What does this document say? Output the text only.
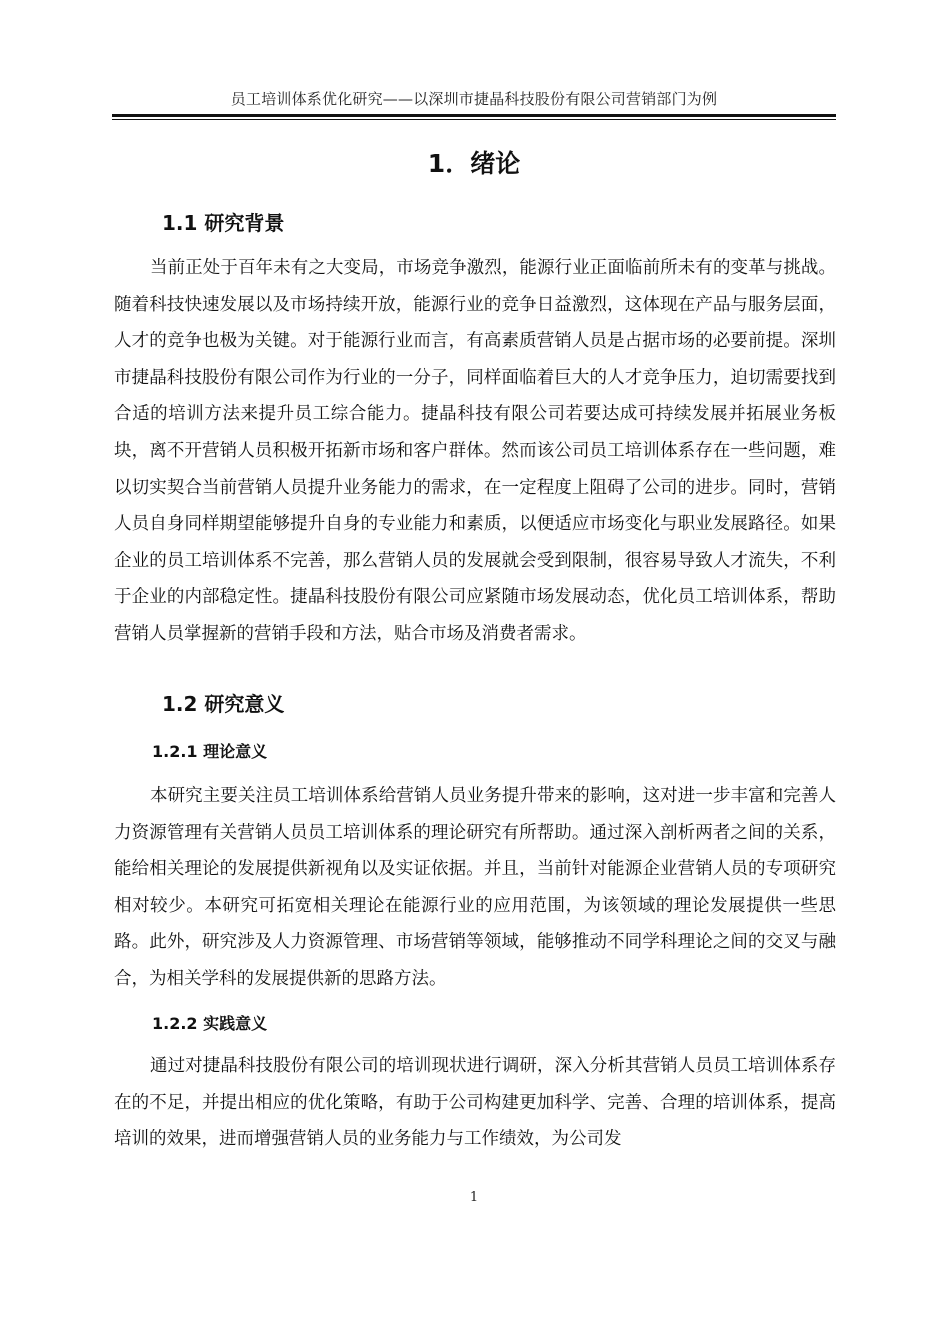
员工培训体系优化研究——以深圳市捷晶科技股份有限公司营销部门为例
1．绪论
1.1 研究背景

当前正处于百年未有之大变局，市场竞争激烈，能源行业正面临前所未有的变革与挑战。随着科技快速发展以及市场持续开放，能源行业的竞争日益激烈，这体现在产品与服务层面，人才的竞争也极为关键。对于能源行业而言，有高素质营销人员是占据市场的必要前提。深圳市捷晶科技股份有限公司作为行业的一分子，同样面临着巨大的人才竞争压力，迫切需要找到合适的培训方法来提升员工综合能力。捷晶科技有限公司若要达成可持续发展并拓展业务板块，离不开营销人员积极开拓新市场和客户群体。然而该公司员工培训体系存在一些问题，难以切实契合当前营销人员提升业务能力的需求，在一定程度上阻碍了公司的进步。同时，营销人员自身同样期望能够提升自身的专业能力和素质，以便适应市场变化与职业发展路径。如果企业的员工培训体系不完善，那么营销人员的发展就会受到限制，很容易导致人才流失，不利于企业的内部稳定性。捷晶科技股份有限公司应紧随市场发展动态，优化员工培训体系，帮助营销人员掌握新的营销手段和方法，贴合市场及消费者需求。

1.2 研究意义
1.2.1 理论意义

本研究主要关注员工培训体系给营销人员业务提升带来的影响，这对进一步丰富和完善人力资源管理有关营销人员员工培训体系的理论研究有所帮助。通过深入剖析两者之间的关系，能给相关理论的发展提供新视角以及实证依据。并且，当前针对能源企业营销人员的专项研究相对较少。本研究可拓宽相关理论在能源行业的应用范围，为该领域的理论发展提供一些思路。此外，研究涉及人力资源管理、市场营销等领域，能够推动不同学科理论之间的交叉与融合，为相关学科的发展提供新的思路方法。

1.2.2 实践意义

通过对捷晶科技股份有限公司的培训现状进行调研，深入分析其营销人员员工培训体系存在的不足，并提出相应的优化策略，有助于公司构建更加科学、完善、合理的培训体系，提高培训的效果，进而增强营销人员的业务能力与工作绩效，为公司发

1
